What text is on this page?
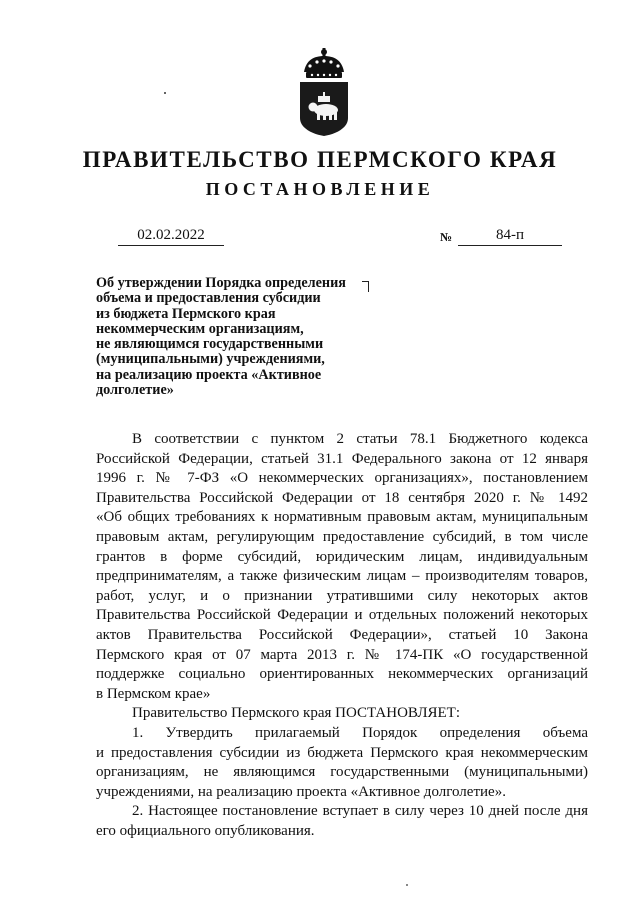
ПРАВИТЕЛЬСТВО ПЕРМСКОГО КРАЯ
ПОСТАНОВЛЕНИЕ
02.02.2022	№	84-п
Об утверждении Порядка определения
объема и предоставления субсидии
из бюджета Пермского края
некоммерческим организациям,
не являющимся государственными
(муниципальными) учреждениями,
на реализацию проекта «Активное
долголетие»
В соответствии с пунктом 2 статьи 78.1 Бюджетного кодекса
Российской Федерации, статьей 31.1 Федерального закона от 12 января
1996 г. № 7-ФЗ «О некоммерческих организациях», постановлением
Правительства Российской Федерации от 18 сентября 2020 г. № 1492
«Об общих требованиях к нормативным правовым актам, муниципальным
правовым актам, регулирующим предоставление субсидий, в том числе
грантов в форме субсидий, юридическим лицам, индивидуальным
предпринимателям, а также физическим лицам – производителям товаров,
работ, услуг, и о признании утратившими силу некоторых актов
Правительства Российской Федерации и отдельных положений некоторых
актов Правительства Российской Федерации», статьей 10 Закона
Пермского края от 07 марта 2013 г. № 174-ПК «О государственной
поддержке социально ориентированных некоммерческих организаций
в Пермском крае»
Правительство Пермского края ПОСТАНОВЛЯЕТ:
1. Утвердить прилагаемый Порядок определения объема
и предоставления субсидии из бюджета Пермского края некоммерческим
организациям, не являющимся государственными (муниципальными)
учреждениями, на реализацию проекта «Активное долголетие».
2. Настоящее постановление вступает в силу через 10 дней после дня
его официального опубликования.
